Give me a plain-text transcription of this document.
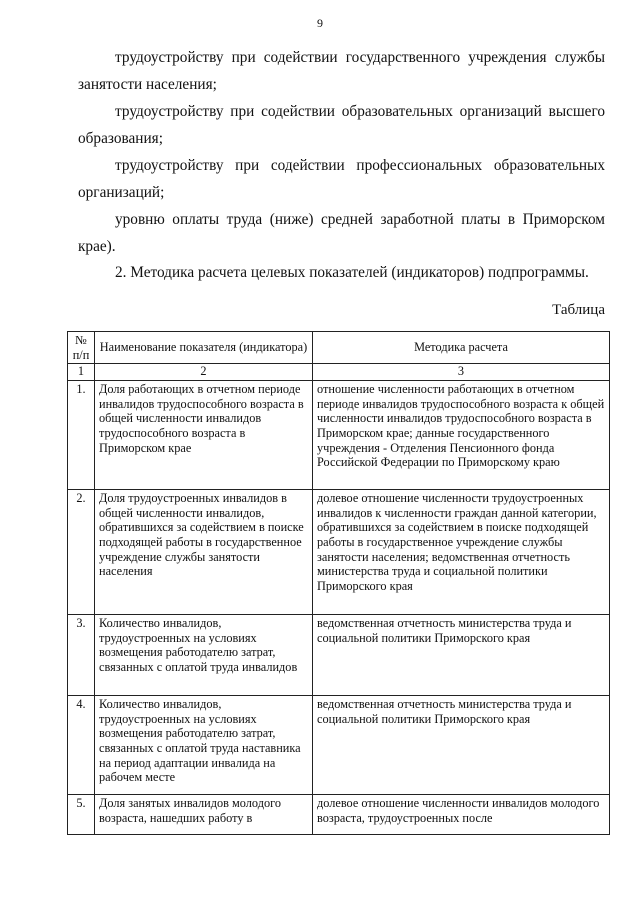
9

трудоустройству при содействии государственного учреждения службы занятости населения;

трудоустройству при содействии образовательных организаций высшего образования;

трудоустройству при содействии профессиональных образовательных организаций;

уровню оплаты труда (ниже) средней заработной платы в Приморском крае).

2. Методика расчета целевых показателей (индикаторов) подпрограммы.

Таблица
№ п/п	Наименование показателя (индикатора)	Методика расчета
1	2	3
1.	Доля работающих в отчетном периоде инвалидов трудоспособного возраста в общей численности инвалидов трудоспособного возраста в Приморском крае	отношение численности работающих в отчетном периоде инвалидов трудоспособного возраста к общей численности инвалидов трудоспособного возраста в Приморском крае; данные государственного учреждения - Отделения Пенсионного фонда Российской Федерации по Приморскому краю
2.	Доля трудоустроенных инвалидов в общей численности инвалидов, обратившихся за содействием в поиске подходящей работы в государственное учреждение службы занятости населения	долевое отношение численности трудоустроенных инвалидов к численности граждан данной категории, обратившихся за содействием в поиске подходящей работы в государственное учреждение службы занятости населения; ведомственная отчетность министерства труда и социальной политики Приморского края
3.	Количество инвалидов, трудоустроенных на условиях возмещения работодателю затрат, связанных с оплатой труда инвалидов	ведомственная отчетность министерства труда и социальной политики Приморского края
4.	Количество инвалидов, трудоустроенных на условиях возмещения работодателю затрат, связанных с оплатой труда наставника на период адаптации инвалида на рабочем месте	ведомственная отчетность министерства труда и социальной политики Приморского края
5.	Доля занятых инвалидов молодого возраста, нашедших работу в	долевое отношение численности инвалидов молодого возраста, трудоустроенных после
